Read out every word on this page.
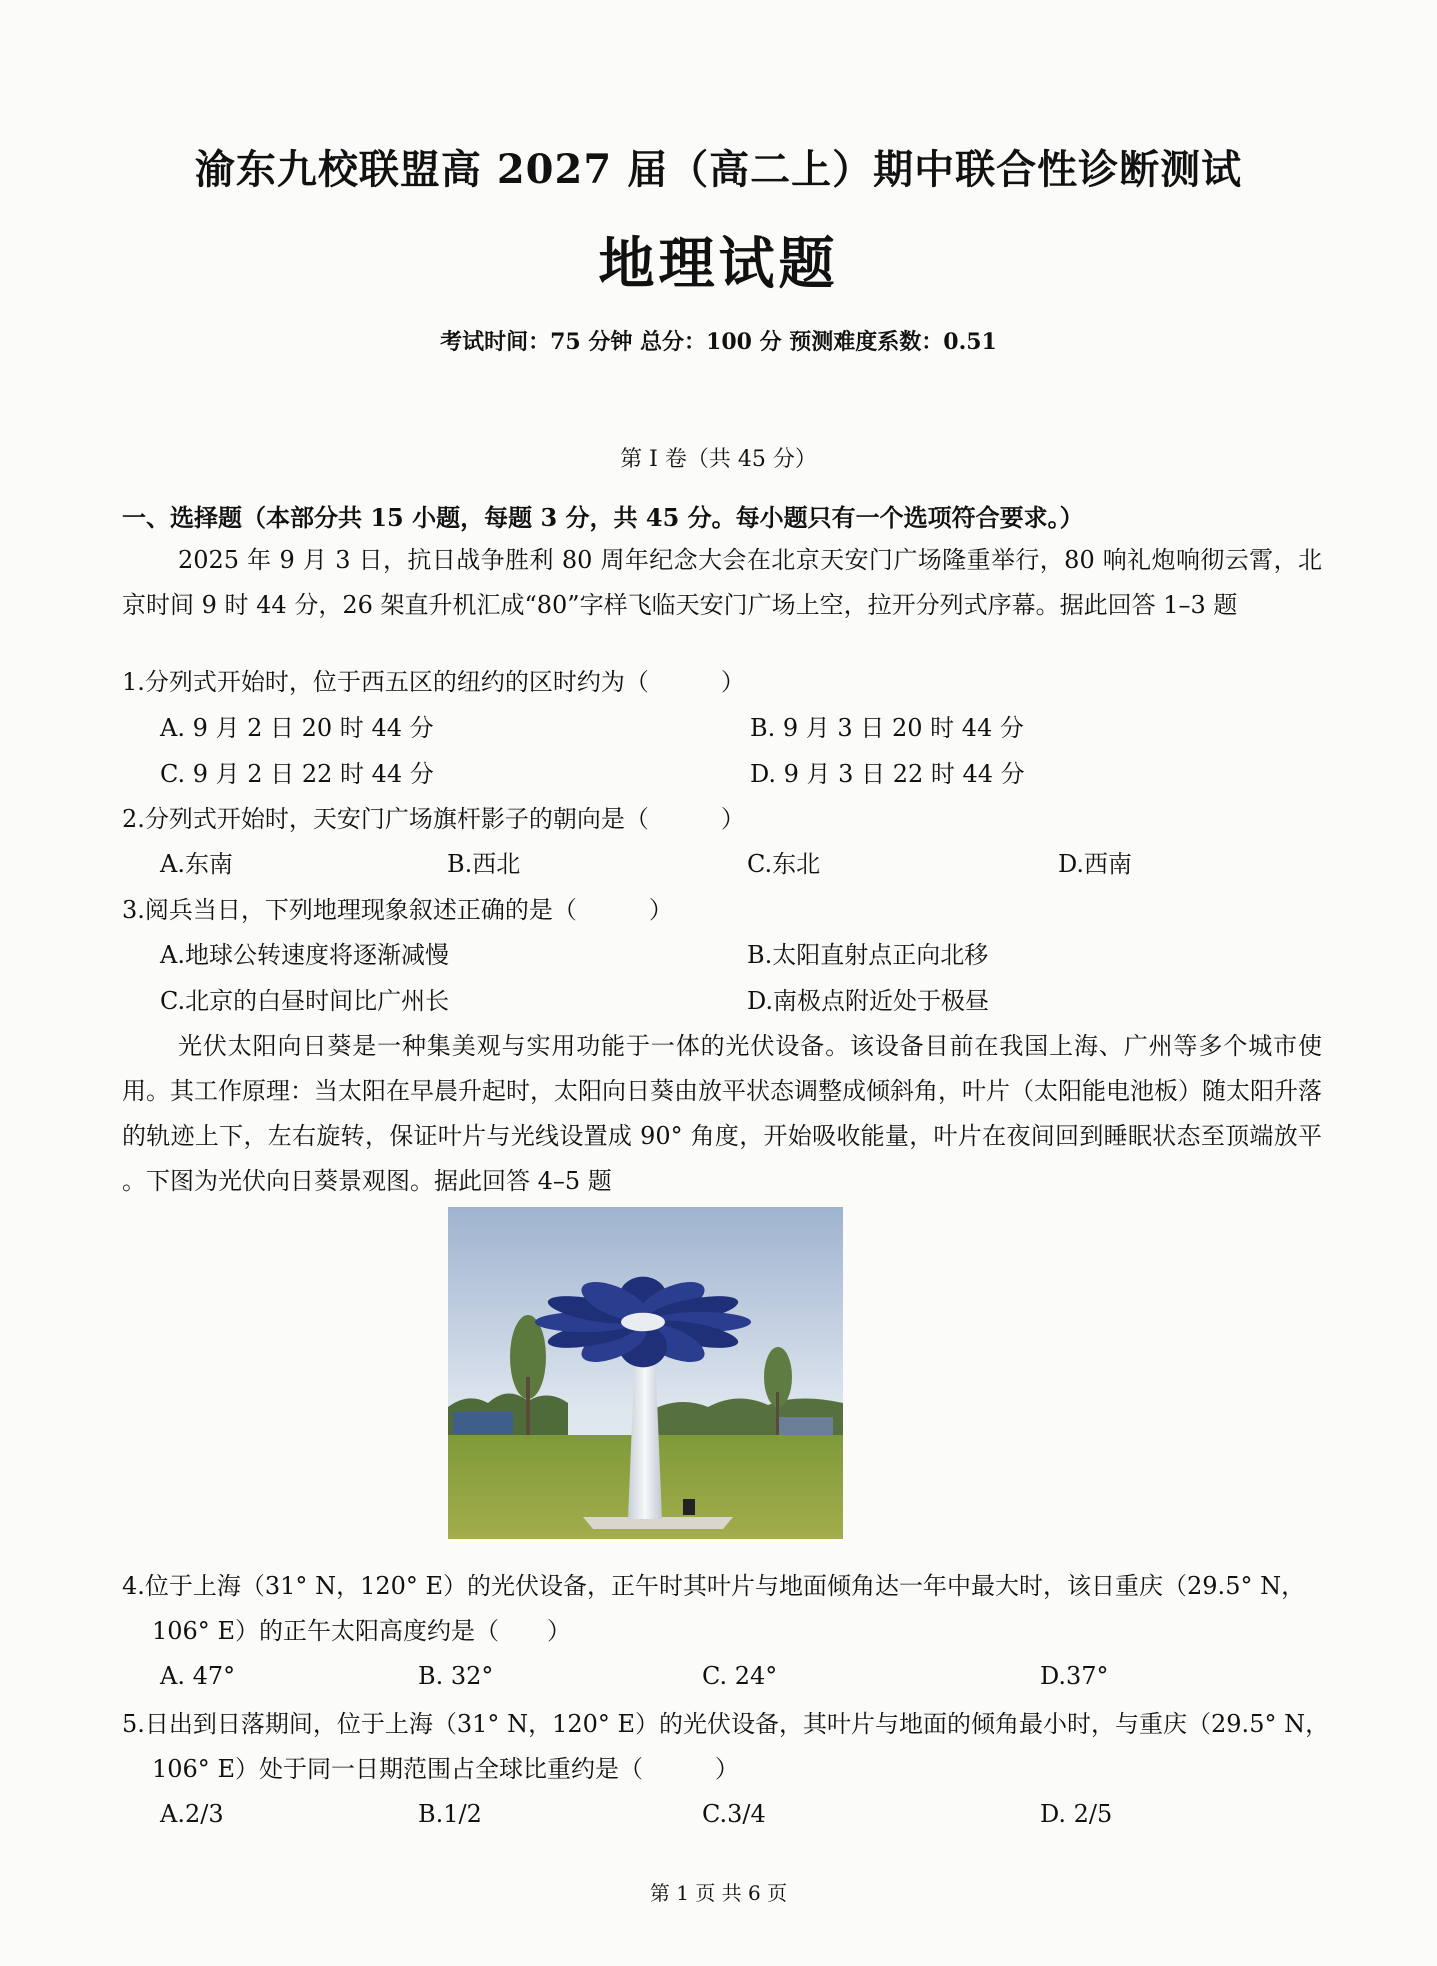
渝东九校联盟高 2027 届（高二上）期中联合性诊断测试
地理试题
考试时间：75 分钟 总分：100 分 预测难度系数：0.51
第 I 卷（共 45 分）
一、选择题（本部分共 15 小题，每题 3 分，共 45 分。每小题只有一个选项符合要求。）
2025 年 9 月 3 日，抗日战争胜利 80 周年纪念大会在北京天安门广场隆重举行，80 响礼炮响彻云霄，北京时间 9 时 44 分，26 架直升机汇成“80”字样飞临天安门广场上空，拉开分列式序幕。据此回答 1–3 题
1.分列式开始时，位于西五区的纽约的区时约为（　　　）
A. 9 月 2 日 20 时 44 分	B. 9 月 3 日 20 时 44 分
C. 9 月 2 日 22 时 44 分	D. 9 月 3 日 22 时 44 分
2.分列式开始时，天安门广场旗杆影子的朝向是（　　　）
A.东南	B.西北	C.东北	D.西南
3.阅兵当日，下列地理现象叙述正确的是（　　　）
A.地球公转速度将逐渐减慢	B.太阳直射点正向北移
C.北京的白昼时间比广州长	D.南极点附近处于极昼
光伏太阳向日葵是一种集美观与实用功能于一体的光伏设备。该设备目前在我国上海、广州等多个城市使用。其工作原理：当太阳在早晨升起时，太阳向日葵由放平状态调整成倾斜角，叶片（太阳能电池板）随太阳升落的轨迹上下，左右旋转，保证叶片与光线设置成 90° 角度，开始吸收能量，叶片在夜间回到睡眠状态至顶端放平 。下图为光伏向日葵景观图。据此回答 4–5 题
4.位于上海（31° N，120° E）的光伏设备，正午时其叶片与地面倾角达一年中最大时，该日重庆（29.5° N，106° E）的正午太阳高度约是（　　）
A. 47°	B. 32°	C. 24°	D.37°
5.日出到日落期间，位于上海（31° N，120° E）的光伏设备，其叶片与地面的倾角最小时，与重庆（29.5° N，106° E）处于同一日期范围占全球比重约是（　　　）
A.2/3	B.1/2	C.3/4	D. 2/5
第 1 页 共 6 页
